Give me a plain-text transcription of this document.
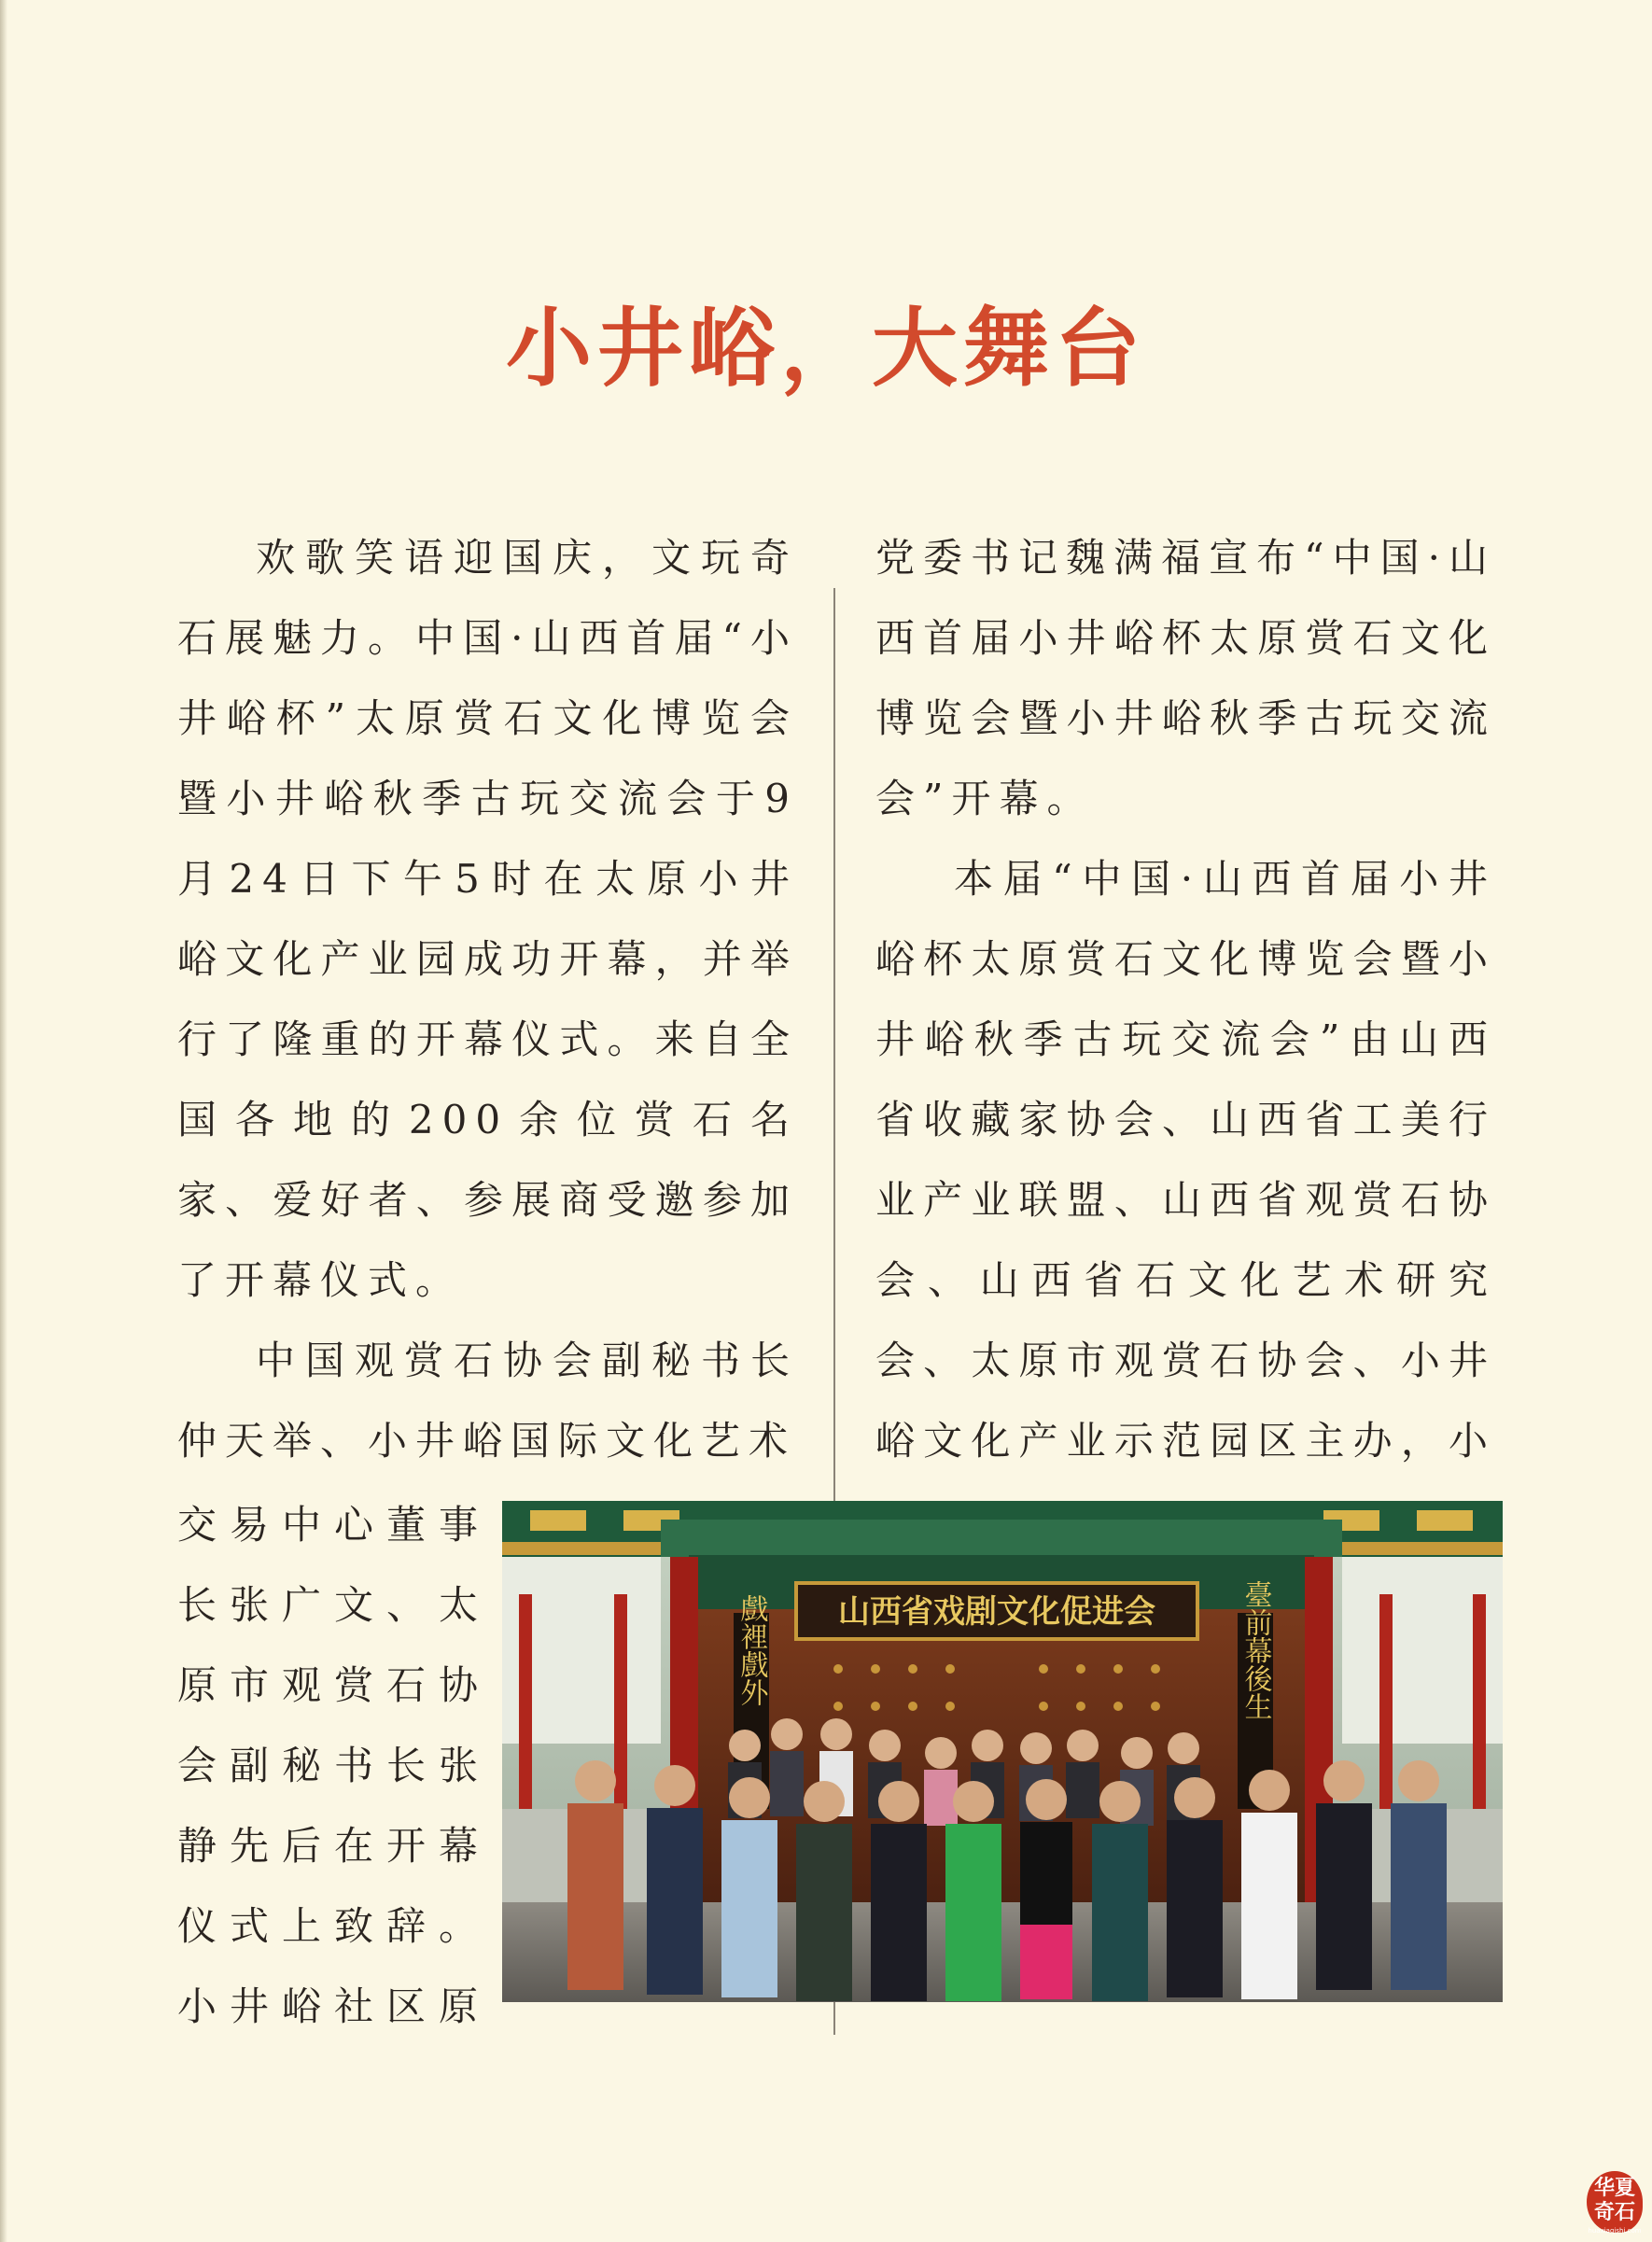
小井峪，大舞台

欢歌笑语迎国庆，文玩奇石展魅力。中国·山西首届“小井峪杯”太原赏石文化博览会暨小井峪秋季古玩交流会于9月24日下午5时在太原小井峪文化产业园成功开幕，并举行了隆重的开幕仪式。来自全国各地的200余位赏石名家、爱好者、参展商受邀参加了开幕仪式。

中国观赏石协会副秘书长仲天举、小井峪国际文化艺术

交易中心董事
长张广文、太
原市观赏石协
会副秘书长张
静先后在开幕
仪式上致辞。
小井峪社区原

党委书记魏满福宣布“中国·山西首届小井峪杯太原赏石文化博览会暨小井峪秋季古玩交流会”开幕。

本届“中国·山西首届小井峪杯太原赏石文化博览会暨小井峪秋季古玩交流会”由山西省收藏家协会、山西省工美行业产业联盟、山西省观赏石协会、山西省石文化艺术研究会、太原市观赏石协会、小井峪文化产业示范园区主办，小

山西省戏剧文化促进会
戲裡戲外	臺前幕後生
华夏奇石
huaxiaqishi.com
